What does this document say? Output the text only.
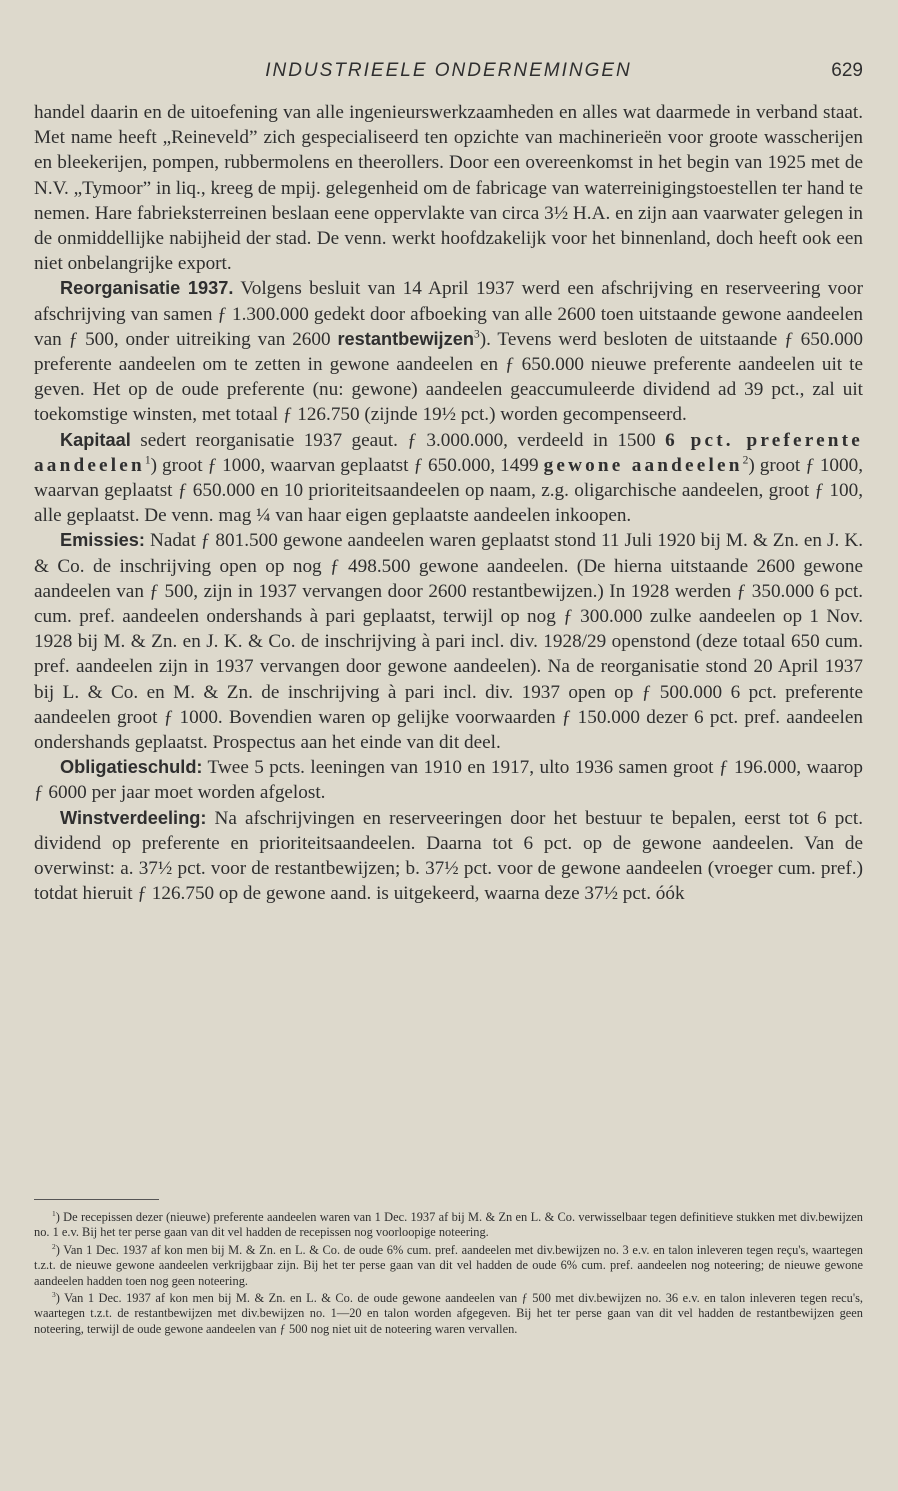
INDUSTRIEELE ONDERNEMINGEN	629

handel daarin en de uitoefening van alle ingenieurswerkzaamheden en alles wat daarmede in verband staat. Met name heeft „Reineveld” zich gespecialiseerd ten opzichte van machinerieën voor groote wasscherijen en bleekerijen, pompen, rubbermolens en theerollers. Door een overeenkomst in het begin van 1925 met de N.V. „Tymoor” in liq., kreeg de mpij. gelegenheid om de fabricage van waterreinigingstoestellen ter hand te nemen. Hare fabrieksterreinen beslaan eene oppervlakte van circa 3½ H.A. en zijn aan vaarwater gelegen in de onmiddellijke nabijheid der stad. De venn. werkt hoofdzakelijk voor het binnenland, doch heeft ook een niet onbelangrijke export.

Reorganisatie 1937. Volgens besluit van 14 April 1937 werd een afschrijving en reserveering voor afschrijving van samen ƒ 1.300.000 gedekt door afboeking van alle 2600 toen uitstaande gewone aandeelen van ƒ 500, onder uitreiking van 2600 restantbewijzen$^3$). Tevens werd besloten de uitstaande ƒ 650.000 preferente aandeelen om te zetten in gewone aandeelen en ƒ 650.000 nieuwe preferente aandeelen uit te geven. Het op de oude preferente (nu: gewone) aandeelen geaccumuleerde dividend ad 39 pct., zal uit toekomstige winsten, met totaal ƒ 126.750 (zijnde 19½ pct.) worden gecompenseerd.

Kapitaal sedert reorganisatie 1937 geaut. ƒ 3.000.000, verdeeld in 1500 6 pct. preferente aandeelen$^1$) groot ƒ 1000, waarvan geplaatst ƒ 650.000, 1499 gewone aandeelen$^2$) groot ƒ 1000, waarvan geplaatst ƒ 650.000 en 10 prioriteitsaandeelen op naam, z.g. oligarchische aandeelen, groot ƒ 100, alle geplaatst. De venn. mag ¼ van haar eigen geplaatste aandeelen inkoopen.

Emissies: Nadat ƒ 801.500 gewone aandeelen waren geplaatst stond 11 Juli 1920 bij M. & Zn. en J. K. & Co. de inschrijving open op nog ƒ 498.500 gewone aandeelen. (De hierna uitstaande 2600 gewone aandeelen van ƒ 500, zijn in 1937 vervangen door 2600 restantbewijzen.) In 1928 werden ƒ 350.000 6 pct. cum. pref. aandeelen ondershands à pari geplaatst, terwijl op nog ƒ 300.000 zulke aandeelen op 1 Nov. 1928 bij M. & Zn. en J. K. & Co. de inschrijving à pari incl. div. 1928/29 openstond (deze totaal 650 cum. pref. aandeelen zijn in 1937 vervangen door gewone aandeelen). Na de reorganisatie stond 20 April 1937 bij L. & Co. en M. & Zn. de inschrijving à pari incl. div. 1937 open op ƒ 500.000 6 pct. preferente aandeelen groot ƒ 1000. Bovendien waren op gelijke voorwaarden ƒ 150.000 dezer 6 pct. pref. aandeelen ondershands geplaatst. Prospectus aan het einde van dit deel.

Obligatieschuld: Twee 5 pcts. leeningen van 1910 en 1917, ulto 1936 samen groot ƒ 196.000, waarop ƒ 6000 per jaar moet worden afgelost.

Winstverdeeling: Na afschrijvingen en reserveeringen door het bestuur te bepalen, eerst tot 6 pct. dividend op preferente en prioriteitsaandeelen. Daarna tot 6 pct. op de gewone aandeelen. Van de overwinst: a. 37½ pct. voor de restantbewijzen; b. 37½ pct. voor de gewone aandeelen (vroeger cum. pref.) totdat hieruit ƒ 126.750 op de gewone aand. is uitgekeerd, waarna deze 37½ pct. óók

$^1$) De recepissen dezer (nieuwe) preferente aandeelen waren van 1 Dec. 1937 af bij M. & Zn en L. & Co. verwisselbaar tegen definitieve stukken met div.bewijzen no. 1 e.v. Bij het ter perse gaan van dit vel hadden de recepissen nog voorloopige noteering.

$^2$) Van 1 Dec. 1937 af kon men bij M. & Zn. en L. & Co. de oude 6% cum. pref. aandeelen met div.bewijzen no. 3 e.v. en talon inleveren tegen reçu's, waartegen t.z.t. de nieuwe gewone aandeelen verkrijgbaar zijn. Bij het ter perse gaan van dit vel hadden de oude 6% cum. pref. aandeelen nog noteering; de nieuwe gewone aandeelen hadden toen nog geen noteering.

$^3$) Van 1 Dec. 1937 af kon men bij M. & Zn. en L. & Co. de oude gewone aandeelen van ƒ 500 met div.bewijzen no. 36 e.v. en talon inleveren tegen recu's, waartegen t.z.t. de restantbewijzen met div.bewijzen no. 1—20 en talon worden afgegeven. Bij het ter perse gaan van dit vel hadden de restantbewijzen geen noteering, terwijl de oude gewone aandeelen van ƒ 500 nog niet uit de noteering waren vervallen.
